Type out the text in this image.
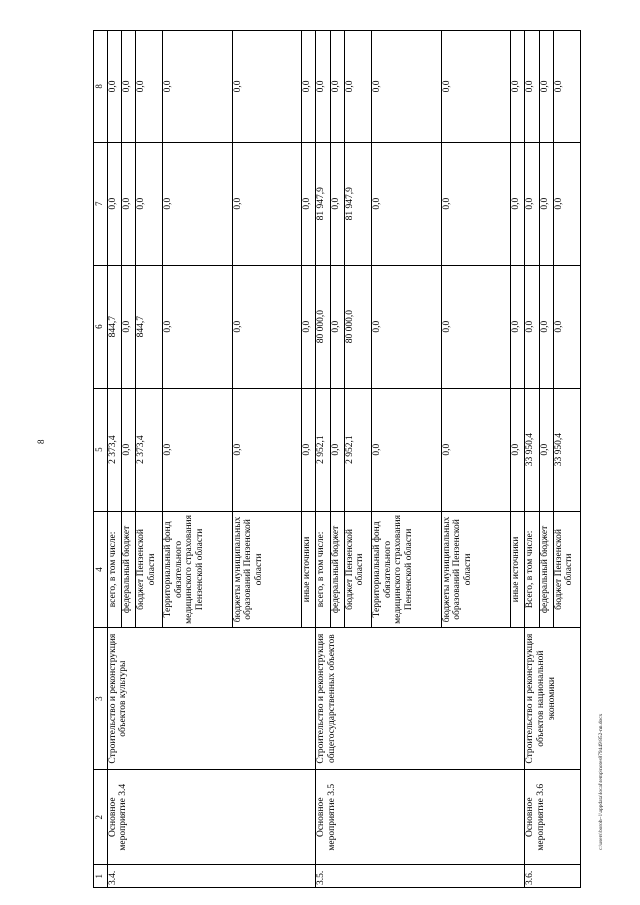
8
1	2	3	4	5	6	7	8
3.4.	Основное мероприятие 3.4	Строительство и реконструкция объектов культуры	всего, в том числе:	2 373,4	844,7	0,0	0,0
			федеральный бюджет	0,0	0,0	0,0	0,0
			бюджет Пензенской области	2 373,4	844,7	0,0	0,0
			Территориальный фонд обязательного медицинского страхования Пензенской области	0,0	0,0	0,0	0,0
			бюджеты муниципальных образований Пензенской области	0,0	0,0	0,0	0,0
			иные источники	0,0	0,0	0,0	0,0
3.5.	Основное мероприятие 3.5	Строительство и реконструкция общегосударственных объектов	всего, в том числе:	2 952,1	80 000,0	81 947,9	0,0
			федеральный бюджет	0,0	0,0	0,0	0,0
			бюджет Пензенской области	2 952,1	80 000,0	81 947,9	0,0
			Территориальный фонд обязательного медицинского страхования Пензенской области	0,0	0,0	0,0	0,0
			бюджеты муниципальных образований Пензенской области	0,0	0,0	0,0	0,0
			иные источники	0,0	0,0	0,0	0,0
3.6.	Основное мероприятие 3.6	Строительство и реконструкция объектов национальной экономики	Всего, в том числе:	33 950,4	0,0	0,0	0,0
			федеральный бюджет	0,0	0,0	0,0	0,0
			бюджет Пензенской области	33 950,4	0,0	0,0	0,0
c:\users\boroh~1\appdata\local\temp\notes879449\852-nn.docx
